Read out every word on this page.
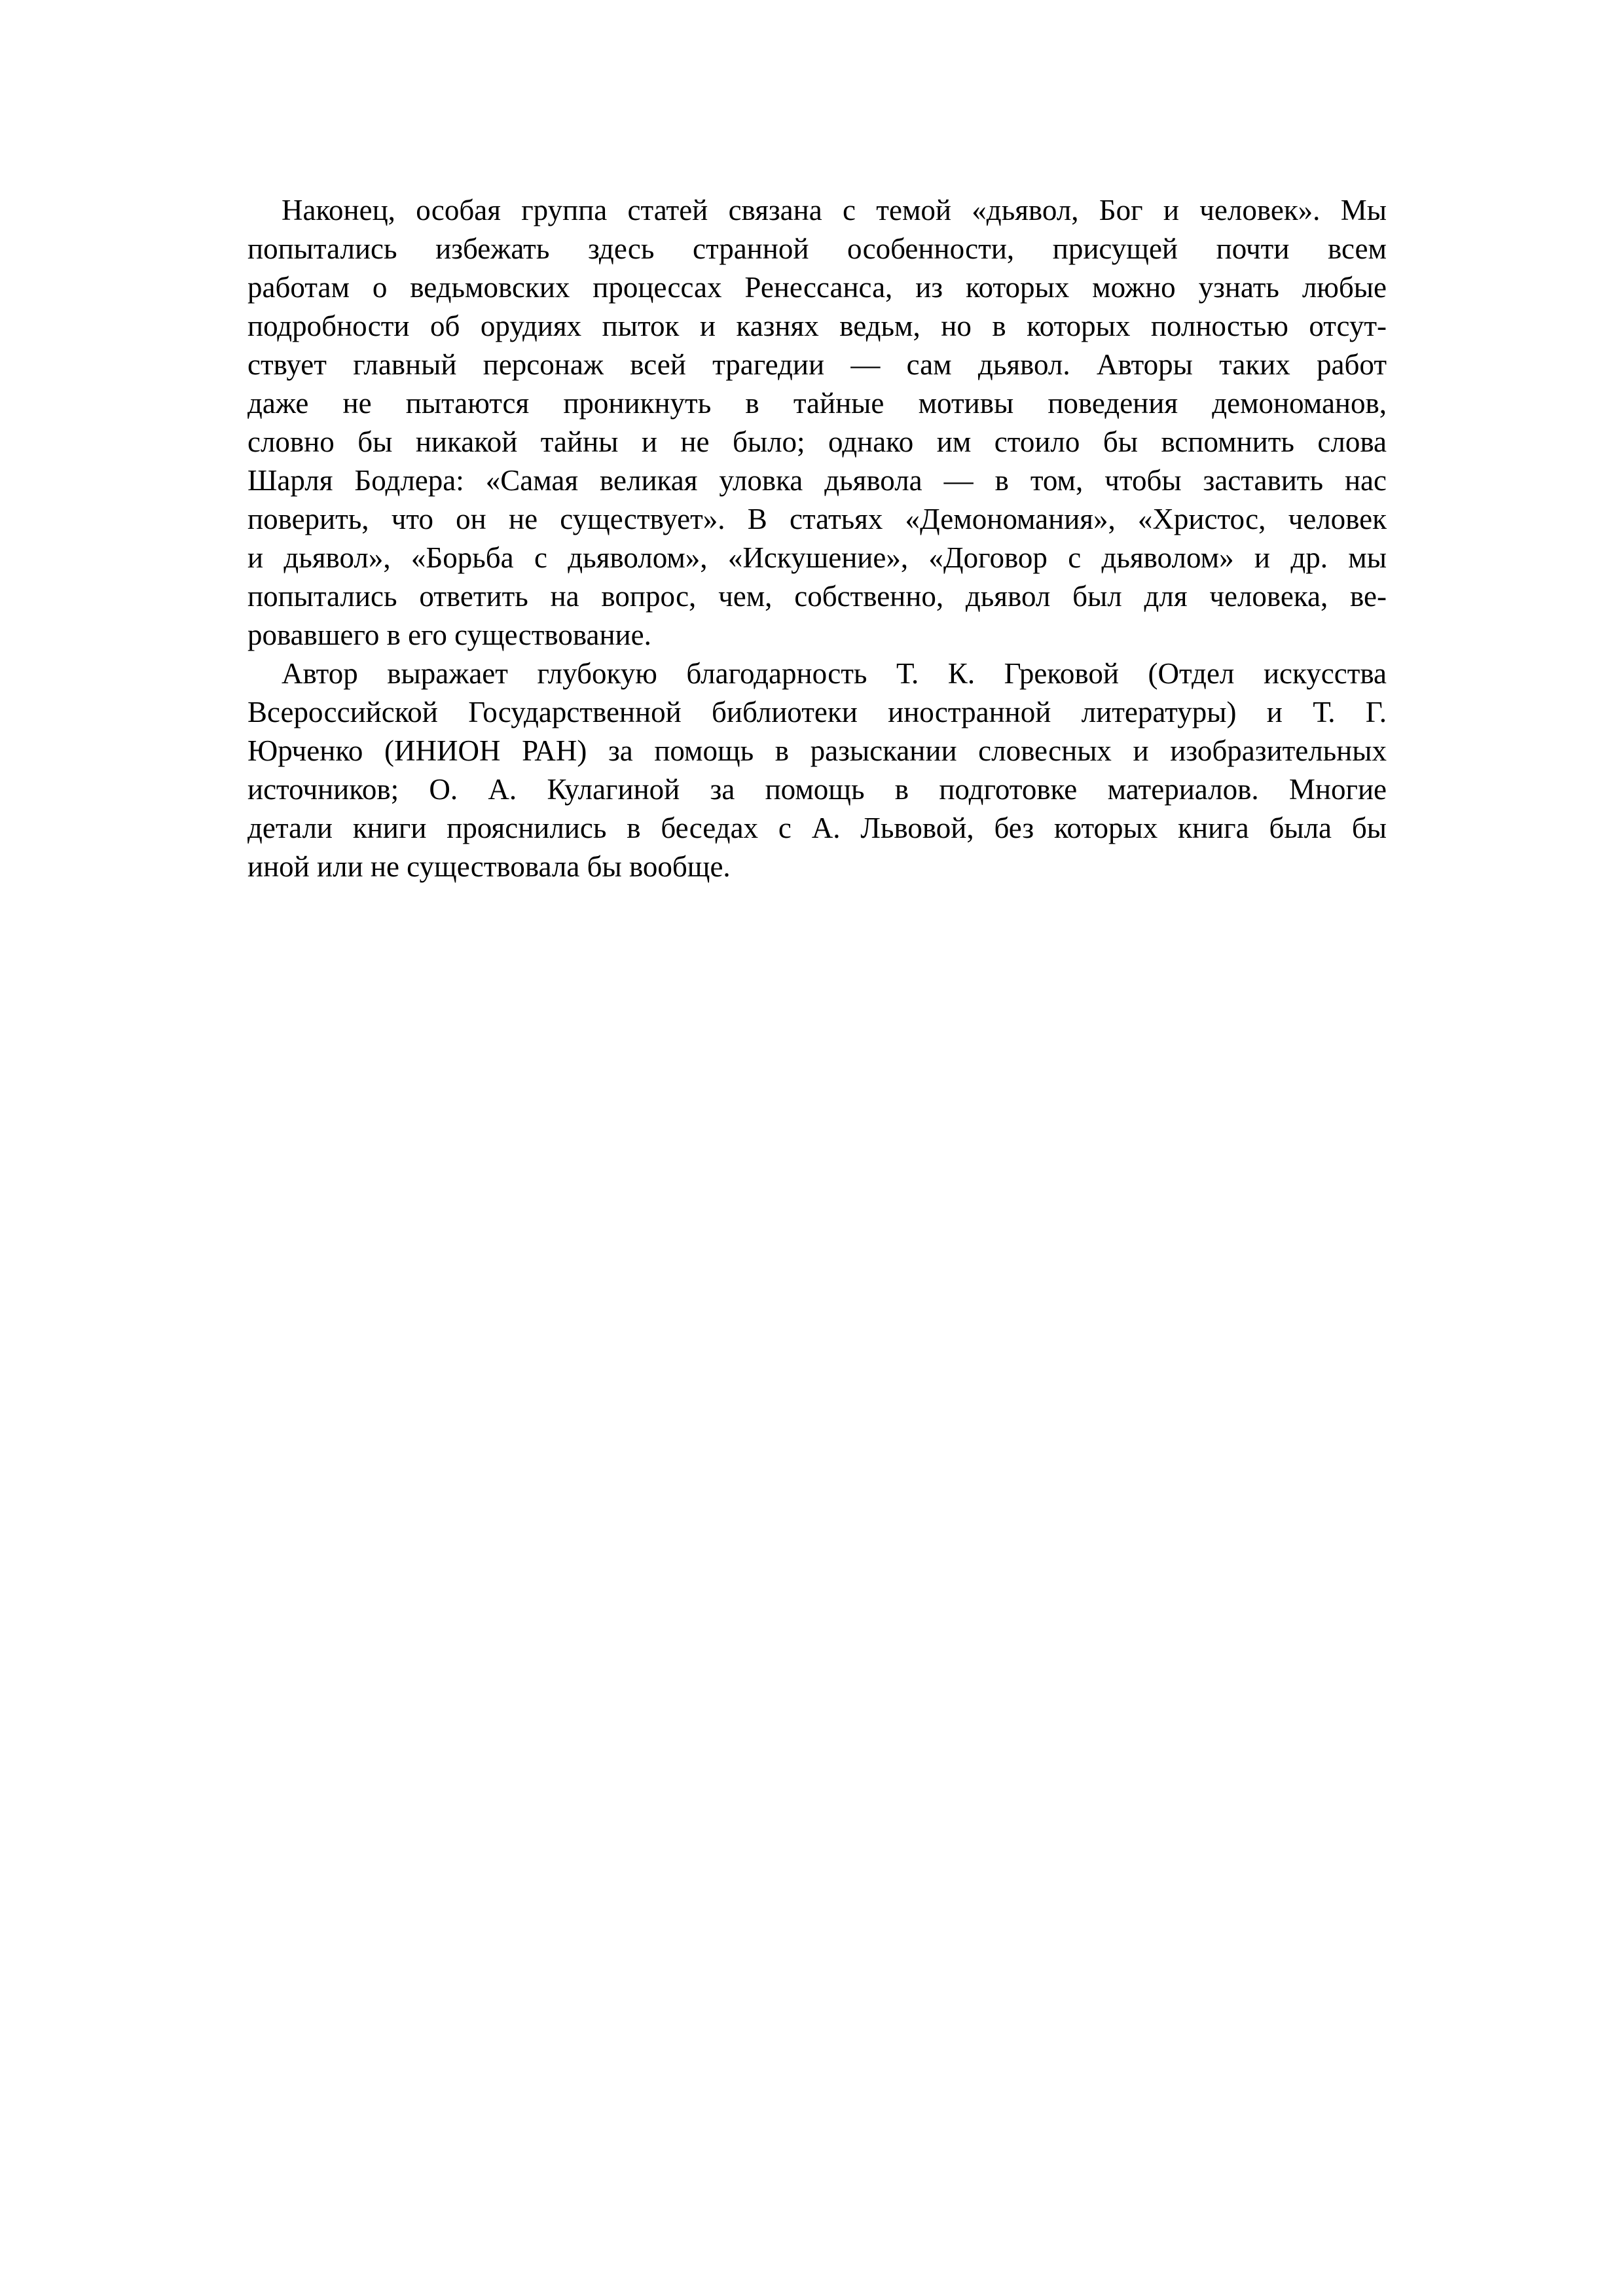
Наконец, особая группа статей связана с темой «дьявол, Бог и человек». Мы
попытались избежать здесь странной особенности, присущей почти всем
работам о ведьмовских процессах Ренессанса, из которых можно узнать любые
подробности об орудиях пыток и казнях ведьм, но в которых полностью отсут-
ствует главный персонаж всей трагедии — сам дьявол. Авторы таких работ
даже не пытаются проникнуть в тайные мотивы поведения демономанов,
словно бы никакой тайны и не было; однако им стоило бы вспомнить слова
Шарля Бодлера: «Самая великая уловка дьявола — в том, чтобы заставить нас
поверить, что он не существует». В статьях «Демономания», «Христос, человек
и дьявол», «Борьба с дьяволом», «Искушение», «Договор с дьяволом» и др. мы
попытались ответить на вопрос, чем, собственно, дьявол был для человека, ве-
ровавшего в его существование.
Автор выражает глубокую благодарность Т. К. Грековой (Отдел искусства
Всероссийской Государственной библиотеки иностранной литературы) и Т. Г.
Юрченко (ИНИОН РАН) за помощь в разыскании словесных и изобразительных
источников; О. А. Кулагиной за помощь в подготовке материалов. Многие
детали книги прояснились в беседах с А. Львовой, без которых книга была бы
иной или не существовала бы вообще.
